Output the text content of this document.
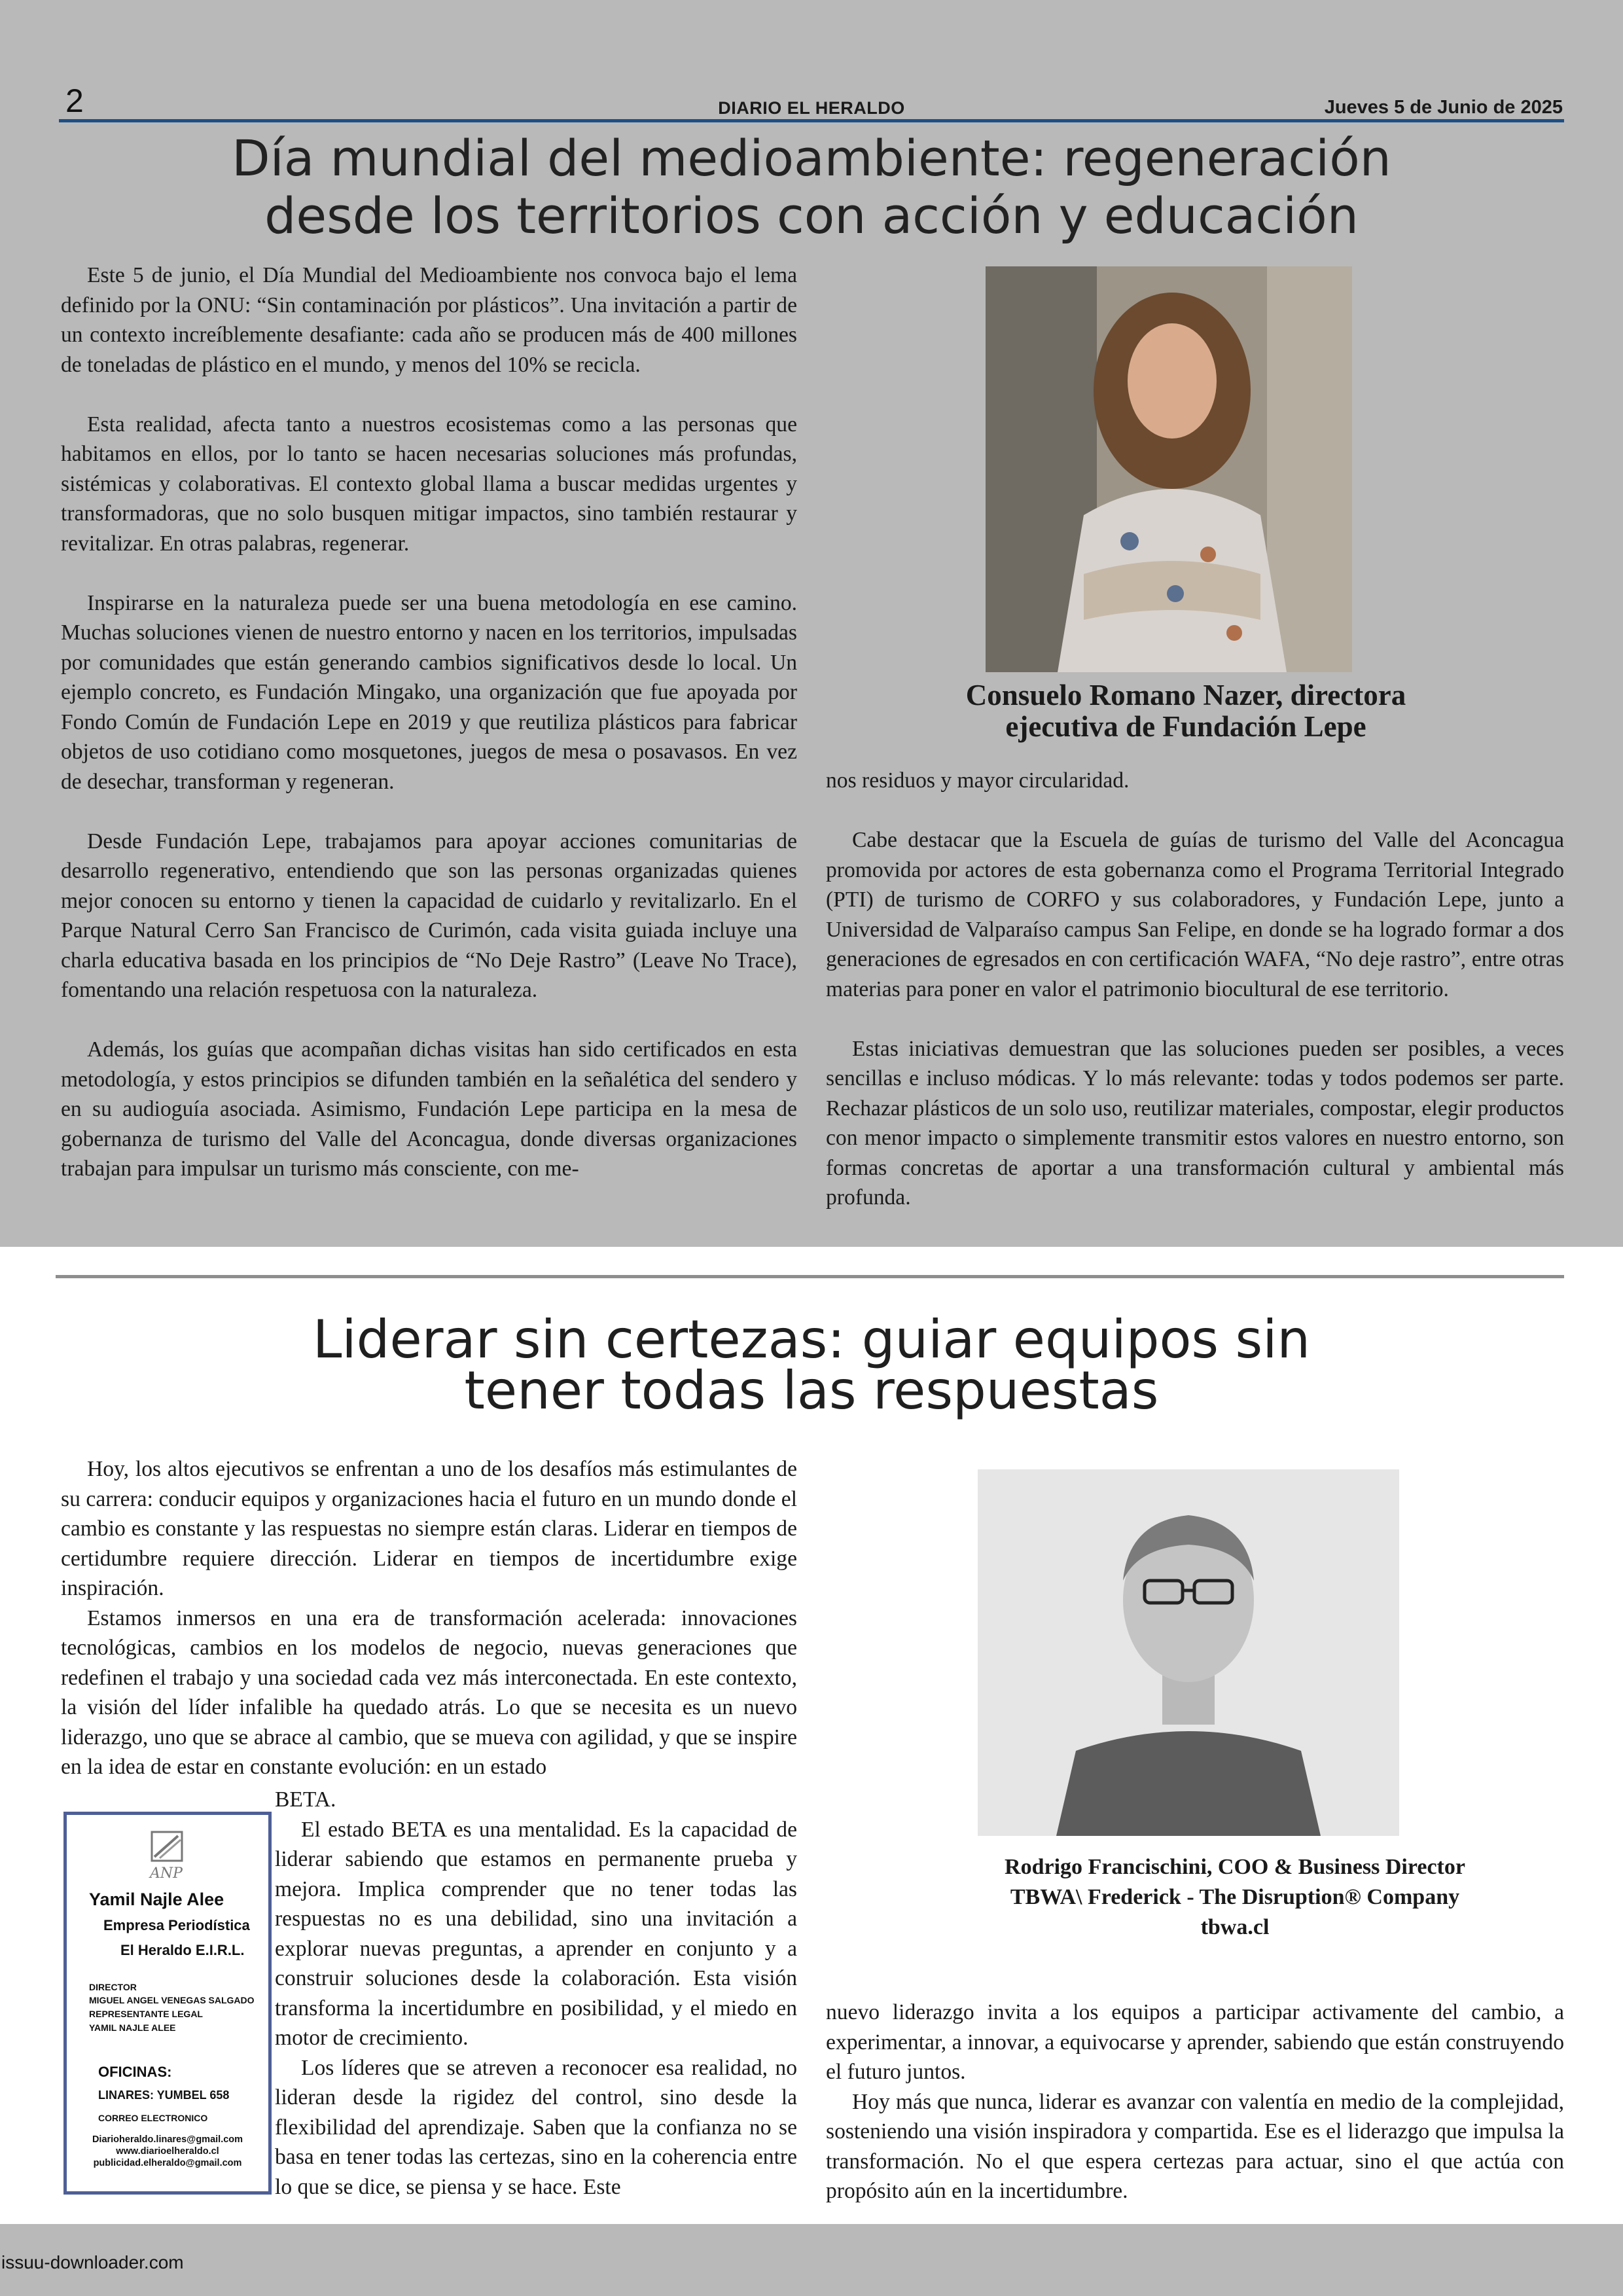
2	DIARIO EL HERALDO	Jueves 5 de Junio de 2025
Día mundial del medioambiente: regeneración
desde los territorios con acción y educación

Este 5 de junio, el Día Mundial del Medioambiente nos convoca bajo el lema definido por la ONU: “Sin contaminación por plásticos”. Una invitación a partir de un contexto increíblemente desafiante: cada año se producen más de 400 millones de toneladas de plástico en el mundo, y menos del 10% se recicla.

Esta realidad, afecta tanto a nuestros ecosistemas como a las personas que habitamos en ellos, por lo tanto se hacen necesarias soluciones más profundas, sistémicas y colaborativas. El contexto global llama a buscar medidas urgentes y transformadoras, que no solo busquen mitigar impactos, sino también restaurar y revitalizar. En otras palabras, regenerar.

Inspirarse en la naturaleza puede ser una buena metodología en ese camino. Muchas soluciones vienen de nuestro entorno y nacen en los territorios, impulsadas por comunidades que están generando cambios significativos desde lo local. Un ejemplo concreto, es Fundación Mingako, una organización que fue apoyada por Fondo Común de Fundación Lepe en 2019 y que reutiliza plásticos para fabricar objetos de uso cotidiano como mosquetones, juegos de mesa o posavasos. En vez de desechar, transforman y regeneran.

Desde Fundación Lepe, trabajamos para apoyar acciones comunitarias de desarrollo regenerativo, entendiendo que son las personas organizadas quienes mejor conocen su entorno y tienen la capacidad de cuidarlo y revitalizarlo. En el Parque Natural Cerro San Francisco de Curimón, cada visita guiada incluye una charla educativa basada en los principios de “No Deje Rastro” (Leave No Trace), fomentando una relación respetuosa con la naturaleza.

Además, los guías que acompañan dichas visitas han sido certificados en esta metodología, y estos principios se difunden también en la señalética del sendero y en su audioguía asociada. Asimismo, Fundación Lepe participa en la mesa de gobernanza de turismo del Valle del Aconcagua, donde diversas organizaciones trabajan para impulsar un turismo más consciente, con me-

Consuelo Romano Nazer, directora
ejecutiva de Fundación Lepe

nos residuos y mayor circularidad.

Cabe destacar que la Escuela de guías de turismo del Valle del Aconcagua promovida por actores de esta gobernanza como el Programa Territorial Integrado (PTI) de turismo de CORFO y sus colaboradores, y Fundación Lepe, junto a Universidad de Valparaíso campus San Felipe, en donde se ha logrado formar a dos generaciones de egresados en con certificación WAFA, “No deje rastro”, entre otras materias para poner en valor el patrimonio biocultural de ese territorio.

Estas iniciativas demuestran que las soluciones pueden ser posibles, a veces sencillas e incluso módicas. Y lo más relevante: todas y todos podemos ser parte. Rechazar plásticos de un solo uso, reutilizar materiales, compostar, elegir productos con menor impacto o simplemente transmitir estos valores en nuestro entorno, son formas concretas de aportar a una transformación cultural y ambiental más profunda.

Liderar sin certezas: guiar equipos sin
tener todas las respuestas

Hoy, los altos ejecutivos se enfrentan a uno de los desafíos más estimulantes de su carrera: conducir equipos y organizaciones hacia el futuro en un mundo donde el cambio es constante y las respuestas no siempre están claras. Liderar en tiempos de certidumbre requiere dirección. Liderar en tiempos de incertidumbre exige inspiración.

Estamos inmersos en una era de transformación acelerada: innovaciones tecnológicas, cambios en los modelos de negocio, nuevas generaciones que redefinen el trabajo y una sociedad cada vez más interconectada. En este contexto, la visión del líder infalible ha quedado atrás. Lo que se necesita es un nuevo liderazgo, uno que se abrace al cambio, que se mueva con agilidad, y que se inspire en la idea de estar en constante evolución: en un estado

BETA.

El estado BETA es una mentalidad. Es la capacidad de liderar sabiendo que estamos en permanente prueba y mejora. Implica comprender que no tener todas las respuestas no es una debilidad, sino una invitación a explorar nuevas preguntas, a aprender en conjunto y a construir soluciones desde la colaboración. Esta visión transforma la incertidumbre en posibilidad, y el miedo en motor de crecimiento.

Los líderes que se atreven a reconocer esa realidad, no lideran desde la rigidez del control, sino desde la flexibilidad del aprendizaje. Saben que la confianza no se basa en tener todas las certezas, sino en la coherencia entre lo que se dice, se piensa y se hace. Este

ANP
Yamil Najle Alee
Empresa Periodística
El Heraldo E.I.R.L.
DIRECTOR
MIGUEL ANGEL VENEGAS SALGADO
REPRESENTANTE LEGAL
YAMIL NAJLE ALEE
OFICINAS:
LINARES: YUMBEL 658
CORREO ELECTRONICO
Diarioheraldo.linares@gmail.com
www.diarioelheraldo.cl
publicidad.elheraldo@gmail.com
Rodrigo Francischini, COO & Business Director
TBWA\ Frederick - The Disruption® Company
tbwa.cl

nuevo liderazgo invita a los equipos a participar activamente del cambio, a experimentar, a innovar, a equivocarse y aprender, sabiendo que están construyendo el futuro juntos.

Hoy más que nunca, liderar es avanzar con valentía en medio de la complejidad, sosteniendo una visión inspiradora y compartida. Ese es el liderazgo que impulsa la transformación. No el que espera certezas para actuar, sino el que actúa con propósito aún en la incertidumbre.

issuu-downloader.com
